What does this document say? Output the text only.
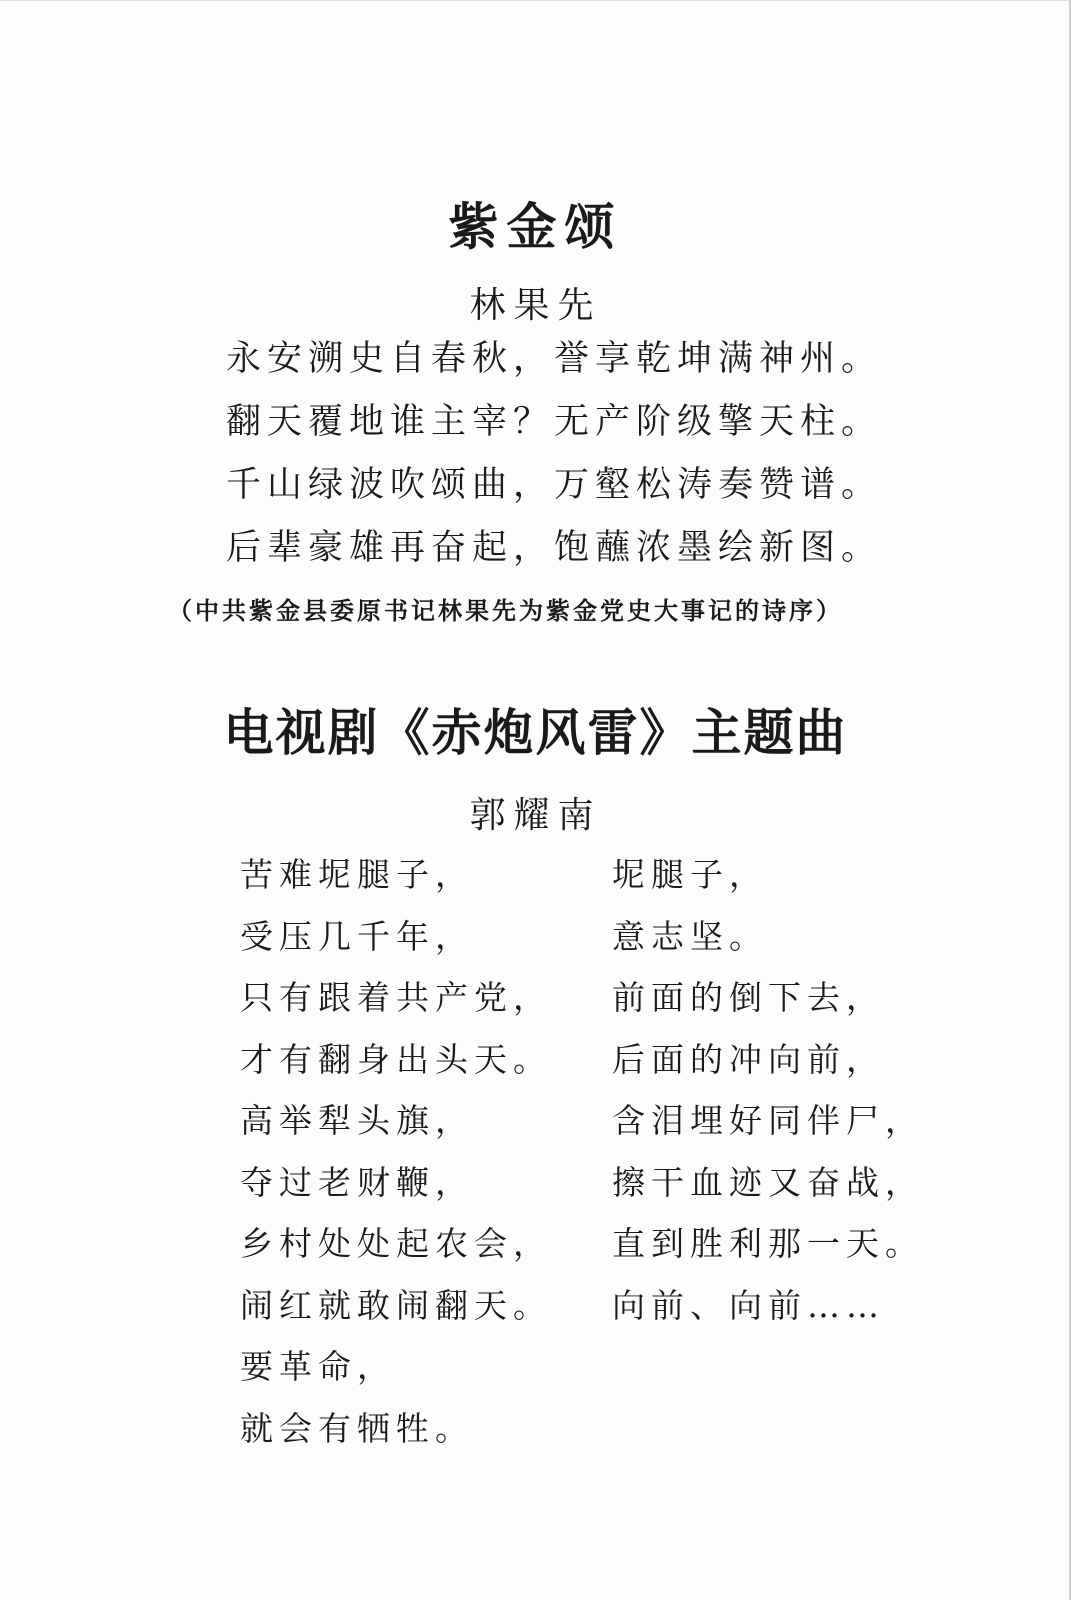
紫金颂
林果先
永安溯史自春秋，誉享乾坤满神州。
翻天覆地谁主宰？无产阶级擎天柱。
千山绿波吹颂曲，万壑松涛奏赞谱。
后辈豪雄再奋起，饱蘸浓墨绘新图。
（中共紫金县委原书记林果先为紫金党史大事记的诗序）
电视剧《赤炮风雷》主题曲
郭耀南
苦难坭腿子，
受压几千年，
只有跟着共产党，
才有翻身出头天。
高举犁头旗，
夺过老财鞭，
乡村处处起农会，
闹红就敢闹翻天。
要革命，
就会有牺牲。
坭腿子，
意志坚。
前面的倒下去，
后面的冲向前，
含泪埋好同伴尸，
擦干血迹又奋战，
直到胜利那一天。
向前、向前……
